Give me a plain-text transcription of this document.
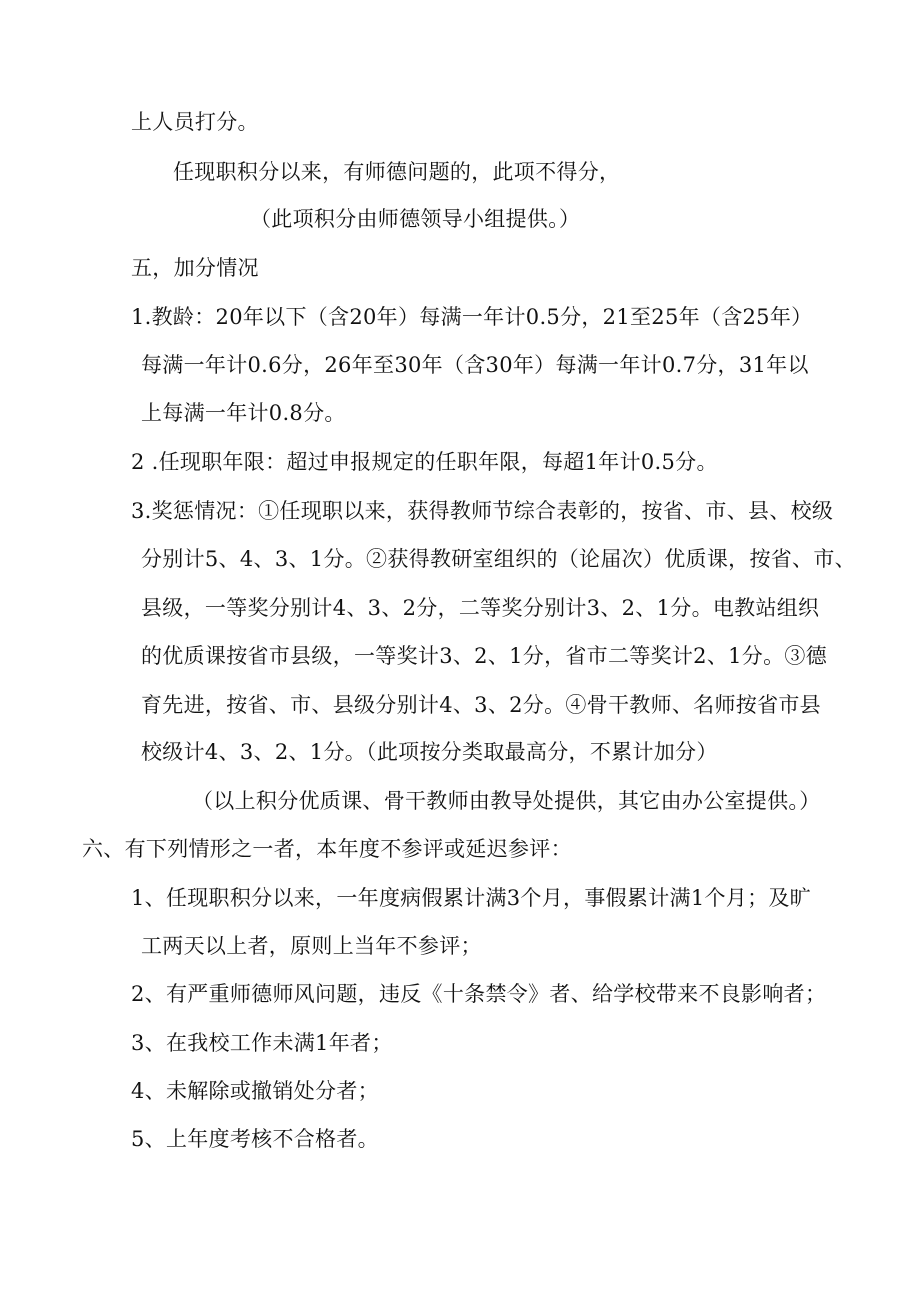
上人员打分。
任现职积分以来，有师德问题的，此项不得分，
（此项积分由师德领导小组提供。）
五，加分情况
1.教龄：20年以下（含20年）每满一年计0.5分，21至25年（含25年）
每满一年计0.6分，26年至30年（含30年）每满一年计0.7分，31年以
上每满一年计0.8分。
2 .任现职年限：超过申报规定的任职年限，每超1年计0.5分。
3.奖惩情况：①任现职以来，获得教师节综合表彰的，按省、市、县、校级
分别计5、4、3、1分。②获得教研室组织的（论届次）优质课，按省、市、
县级，一等奖分别计4、3、2分，二等奖分别计3、2、1分。电教站组织
的优质课按省市县级，一等奖计3、2、1分，省市二等奖计2、1分。③德
育先进，按省、市、县级分别计4、3、2分。④骨干教师、名师按省市县
校级计4、3、2、1分。（此项按分类取最高分，不累计加分）
（以上积分优质课、骨干教师由教导处提供，其它由办公室提供。）
六、有下列情形之一者，本年度不参评或延迟参评：
1、任现职积分以来，一年度病假累计满3个月，事假累计满1个月；及旷
工两天以上者，原则上当年不参评；
2、有严重师德师风问题，违反《十条禁令》者、给学校带来不良影响者；
3、在我校工作未满1年者；
4、未解除或撤销处分者；
5、上年度考核不合格者。
